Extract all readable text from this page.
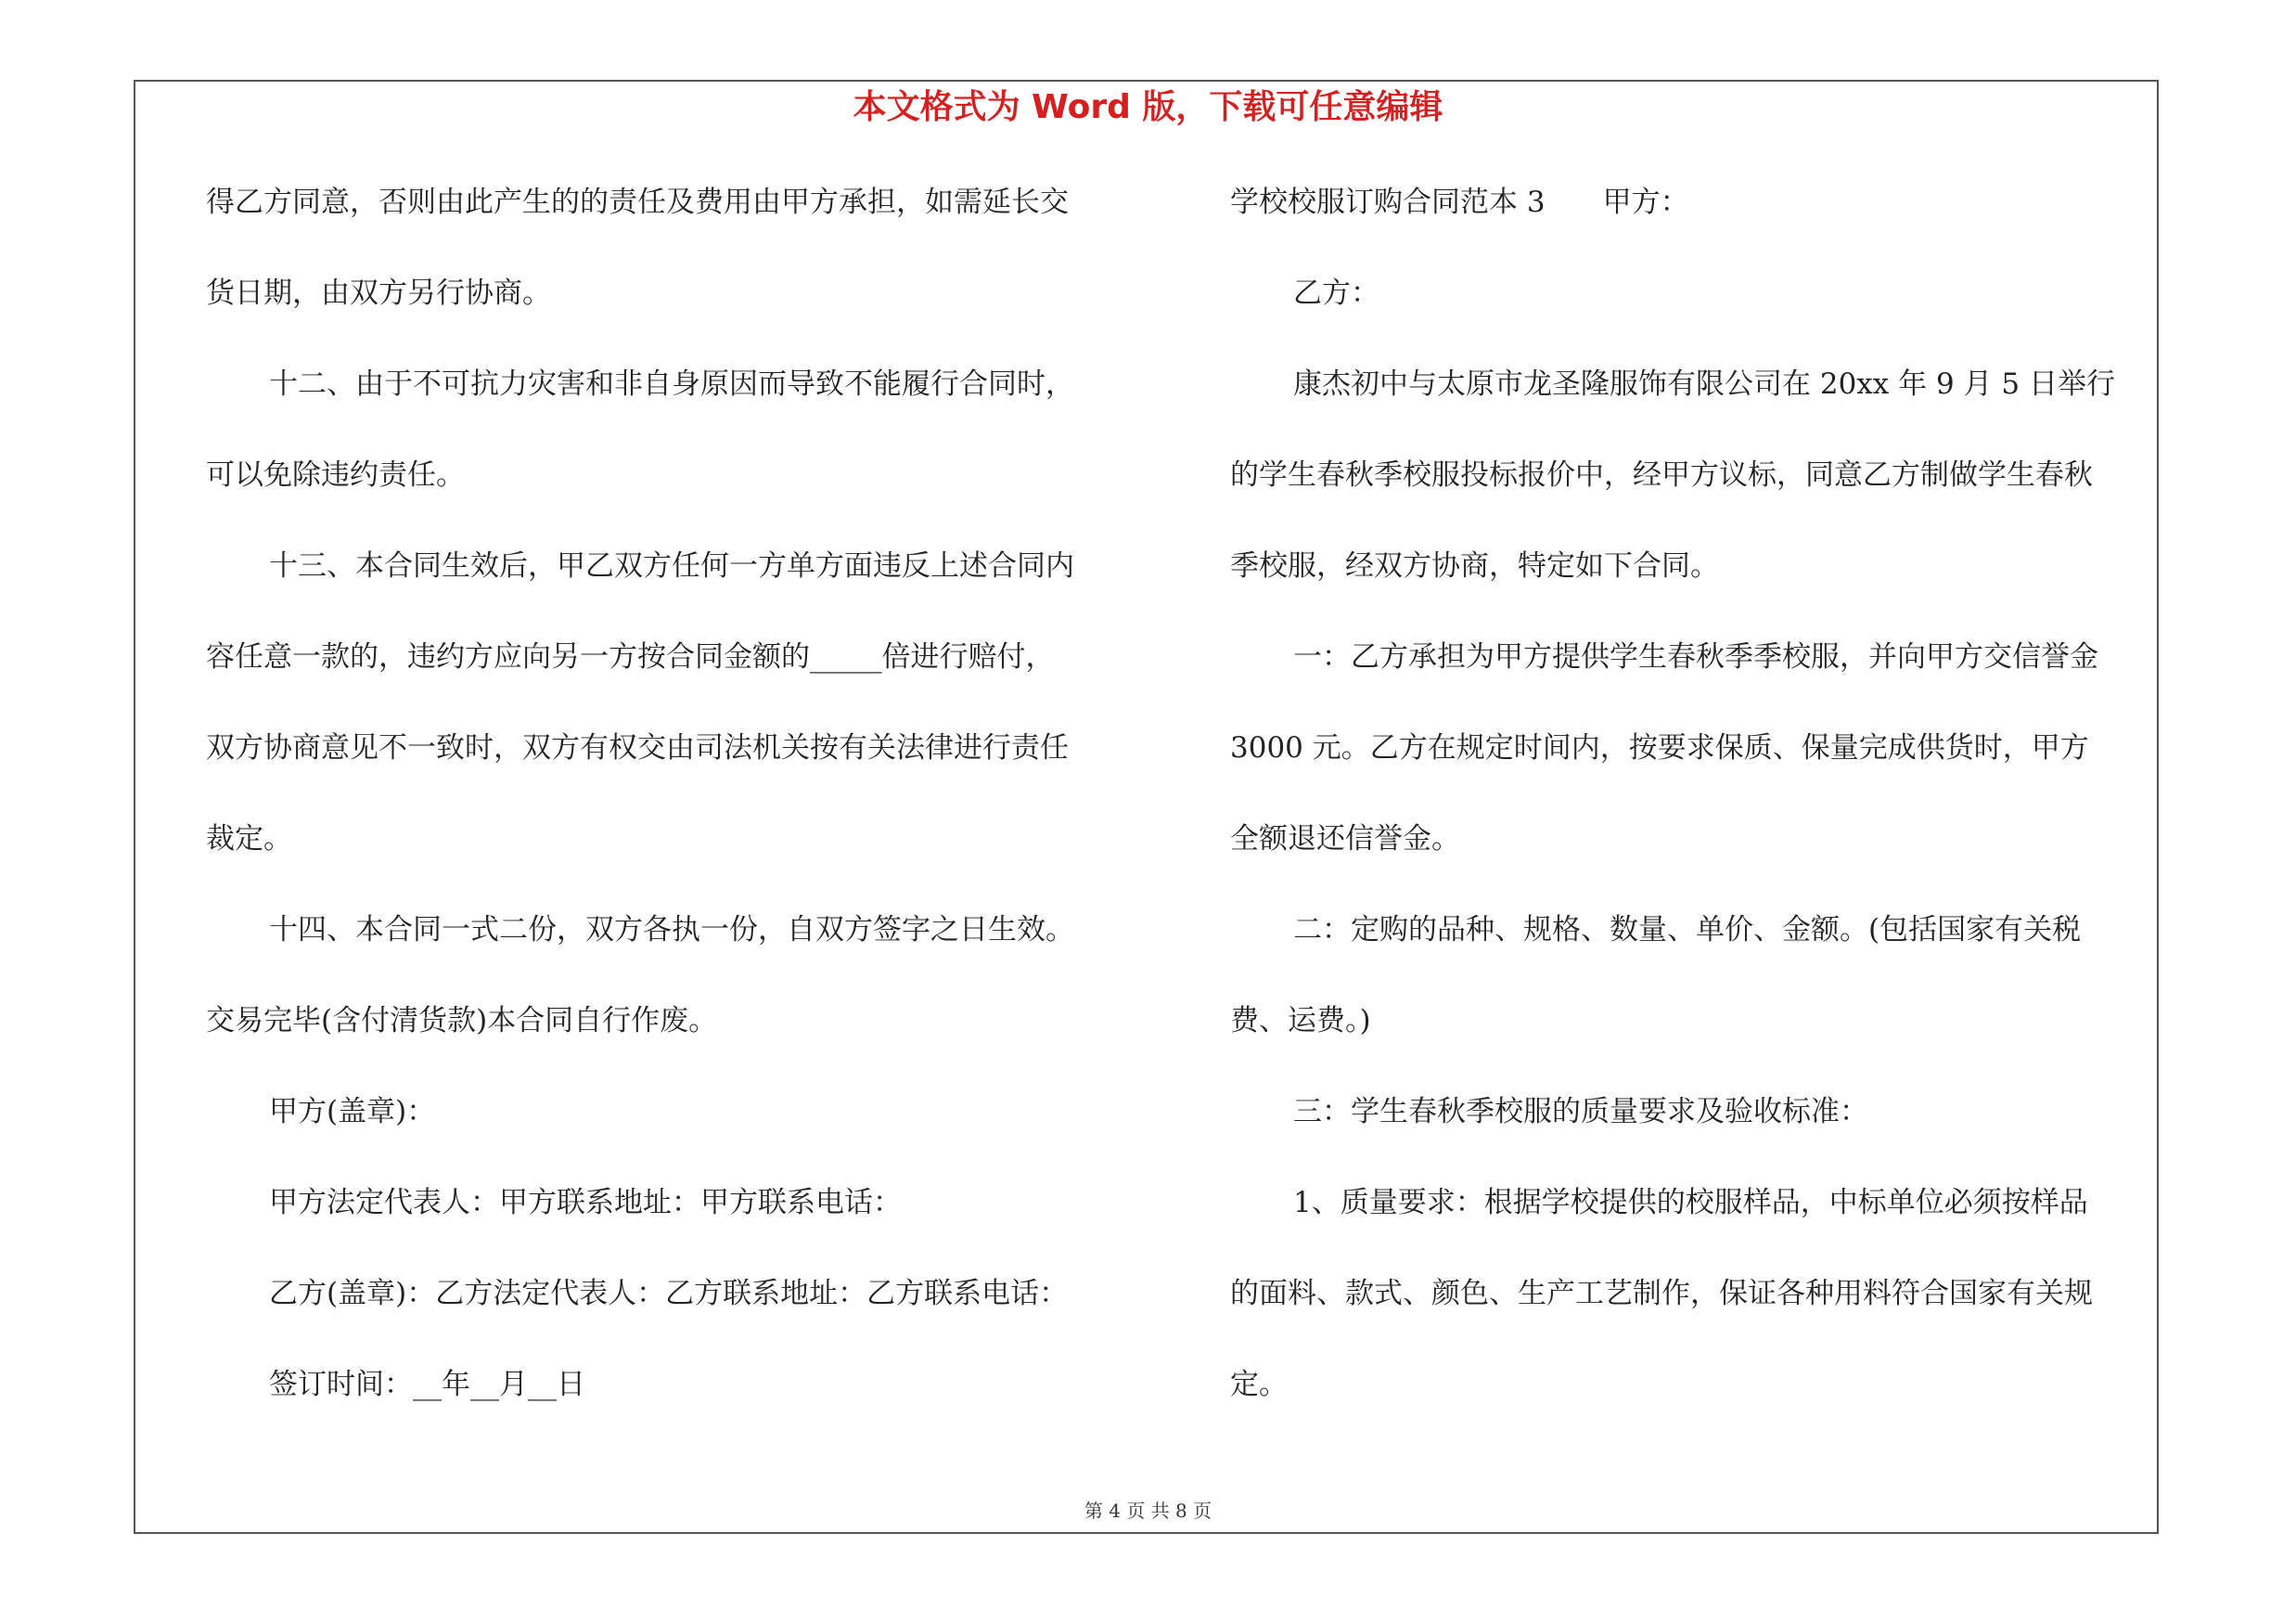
本文格式为 Word 版，下载可任意编辑
得乙方同意，否则由此产生的的责任及费用由甲方承担，如需延长交
货日期，由双方另行协商。
十二、由于不可抗力灾害和非自身原因而导致不能履行合同时，
可以免除违约责任。
十三、本合同生效后，甲乙双方任何一方单方面违反上述合同内
容任意一款的，违约方应向另一方按合同金额的_____倍进行赔付，
双方协商意见不一致时，双方有权交由司法机关按有关法律进行责任
裁定。
十四、本合同一式二份，双方各执一份，自双方签字之日生效。
交易完毕(含付清货款)本合同自行作废。
甲方(盖章)：
甲方法定代表人：甲方联系地址：甲方联系电话：
乙方(盖章)：乙方法定代表人：乙方联系地址：乙方联系电话：
签订时间：__年__月__日
学校校服订购合同范本 3　　甲方：
乙方：
康杰初中与太原市龙圣隆服饰有限公司在 20xx 年 9 月 5 日举行
的学生春秋季校服投标报价中，经甲方议标，同意乙方制做学生春秋
季校服，经双方协商，特定如下合同。
一：乙方承担为甲方提供学生春秋季季校服，并向甲方交信誉金
3000 元。乙方在规定时间内，按要求保质、保量完成供货时，甲方
全额退还信誉金。
二：定购的品种、规格、数量、单价、金额。(包括国家有关税
费、运费。)
三：学生春秋季校服的质量要求及验收标准：
1、质量要求：根据学校提供的校服样品，中标单位必须按样品
的面料、款式、颜色、生产工艺制作，保证各种用料符合国家有关规
定。
第 4 页 共 8 页
